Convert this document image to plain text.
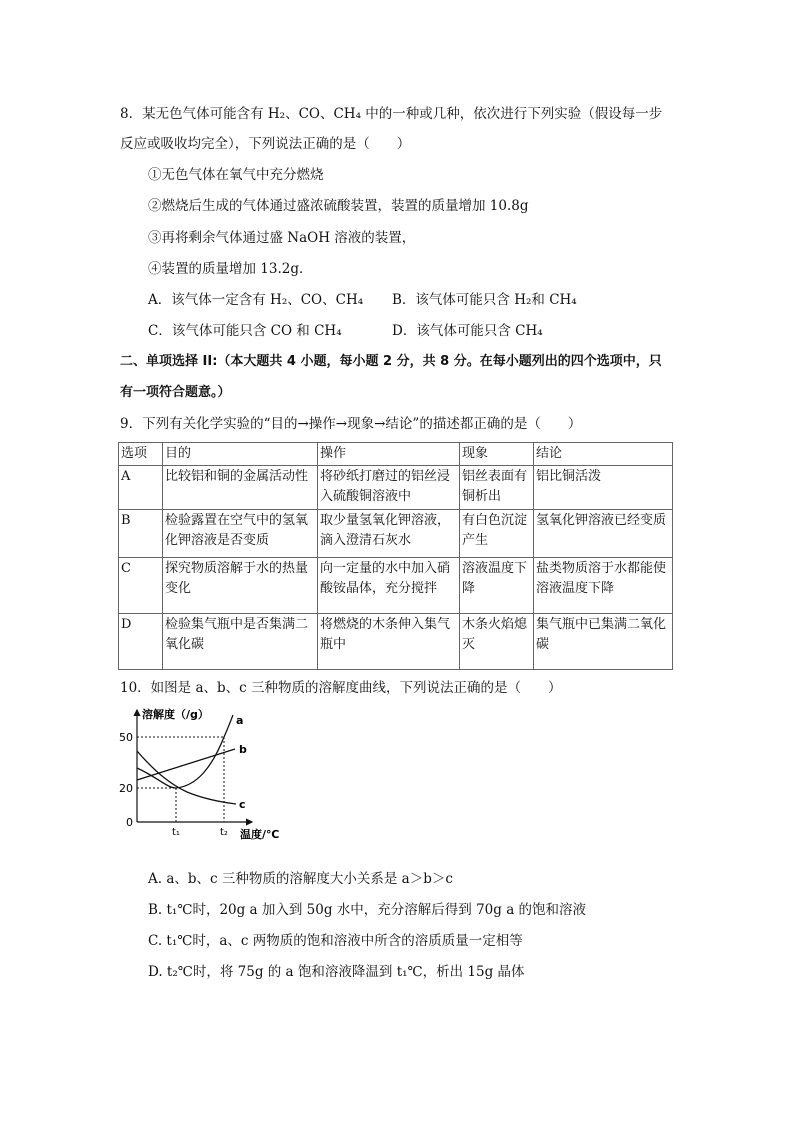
8．某无色气体可能含有 H₂、CO、CH₄ 中的一种或几种，依次进行下列实验（假设每一步
反应或吸收均完全），下列说法正确的是（　　）
①无色气体在氧气中充分燃烧
②燃烧后生成的气体通过盛浓硫酸装置，装置的质量增加 10.8g
③再将剩余气体通过盛 NaOH 溶液的装置，
④装置的质量增加 13.2g．
A．该气体一定含有 H₂、CO、CH₄ B．该气体可能只含 H₂和 CH₄
C．该气体可能只含 CO 和 CH₄	D．该气体可能只含 CH₄
二、单项选择 II:（本大题共 4 小题，每小题 2 分，共 8 分。在每小题列出的四个选项中，只
有一项符合题意。）
9．下列有关化学实验的“目的→操作→现象→结论”的描述都正确的是（　　）
选项	目的	操作	现象	结论
A	比较铝和铜的金属活动性	将砂纸打磨过的铝丝浸入硫酸铜溶液中	铝丝表面有铜析出	铝比铜活泼
B	检验露置在空气中的氢氧化钾溶液是否变质	取少量氢氧化钾溶液，滴入澄清石灰水	有白色沉淀产生	氢氧化钾溶液已经变质
C	探究物质溶解于水的热量变化	向一定量的水中加入硝酸铵晶体，充分搅拌	溶液温度下降	盐类物质溶于水都能使溶液温度下降
D	检验集气瓶中是否集满二氧化碳	将燃烧的木条伸入集气瓶中	木条火焰熄灭	集气瓶中已集满二氧化碳
10．如图是 a、b、c 三种物质的溶解度曲线，下列说法正确的是（　　）
溶解度（/g）
温度/℃
50
20
0
t₁	t₂
a
b
c
A. a、b、c 三种物质的溶解度大小关系是 a＞b＞c
B. t₁℃时，20g a 加入到 50g 水中，充分溶解后得到 70g a 的饱和溶液
C. t₁℃时，a、c 两物质的饱和溶液中所含的溶质质量一定相等
D. t₂℃时，将 75g 的 a 饱和溶液降温到 t₁℃，析出 15g 晶体
